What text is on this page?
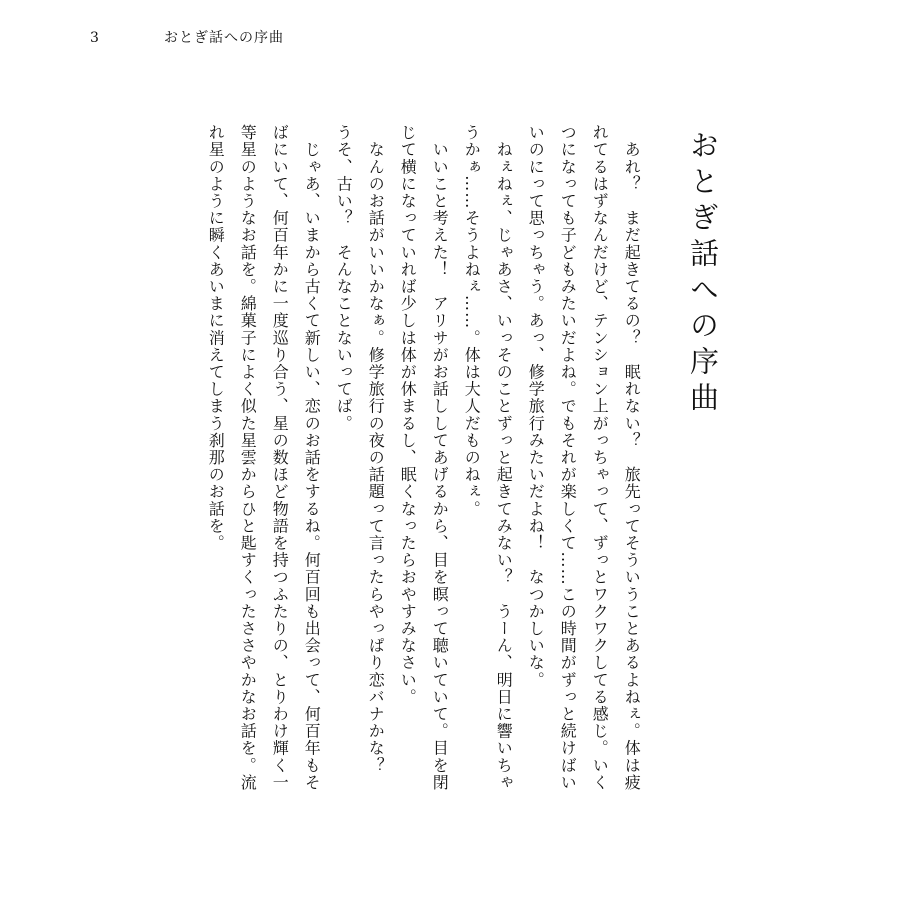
3	おとぎ話への序曲
おとぎ話への序曲

　あれ？　まだ起きてるの？　眠れない？　旅先ってそういうことあるよねぇ。体は疲れてるはずなんだけど、テンション上がっちゃって、ずっとワクワクしてる感じ。いくつになっても子どもみたいだよね。でもそれが楽しくて……この時間がずっと続けばいいのにって思っちゃう。あっ、修学旅行みたいだよね！　なつかしいな。

　ねぇねぇ、じゃあさ、いっそのことずっと起きてみない？　うーん、明日に響いちゃうかぁ……そうよねぇ……。体は大人だものねぇ。

　いいこと考えた！　アリサがお話ししてあげるから、目を瞑って聴いていて。目を閉じて横になっていれば少しは体が休まるし、眠くなったらおやすみなさい。

　なんのお話がいいかなぁ。修学旅行の夜の話題って言ったらやっぱり恋バナかな？　うそ、古い？　そんなことないってば。

　じゃあ、いまから古くて新しい、恋のお話をするね。何百回も出会って、何百年もそばにいて、何百年かに一度巡り合う、星の数ほど物語を持つふたりの、とりわけ輝く一等星のようなお話を。綿菓子によく似た星雲からひと匙すくったささやかなお話を。流れ星のように瞬くあいまに消えてしまう刹那のお話を。
